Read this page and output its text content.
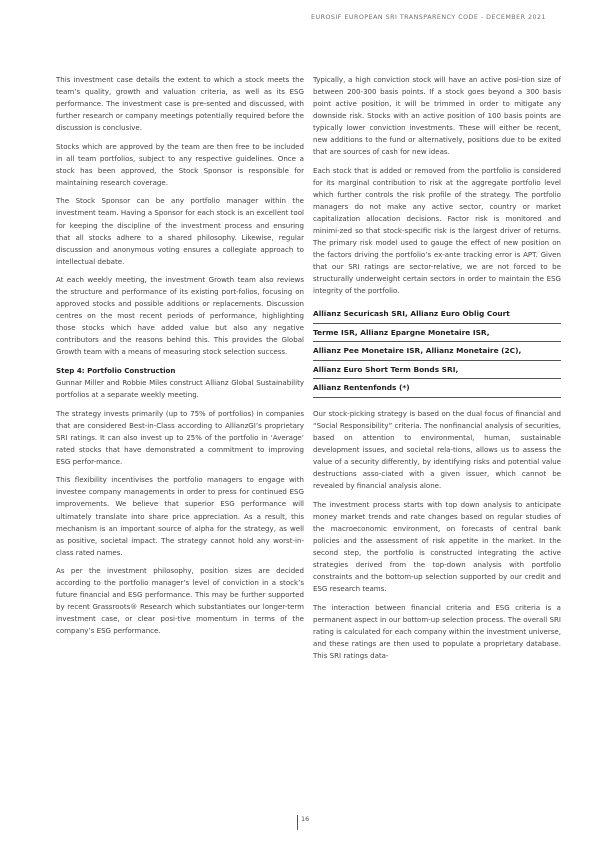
EUROSIF EUROPEAN SRI TRANSPARENCY CODE - DECEMBER 2021

This investment case details the extent to which a stock meets the team’s quality, growth and valuation criteria, as well as its ESG performance. The investment case is pre-sented and discussed, with further research or company meetings potentially required before the discussion is conclusive.

Stocks which are approved by the team are then free to be included in all team portfolios, subject to any respective guidelines. Once a stock has been approved, the Stock Sponsor is responsible for maintaining research coverage.

The Stock Sponsor can be any portfolio manager within the investment team. Having a Sponsor for each stock is an excellent tool for keeping the discipline of the investment process and ensuring that all stocks adhere to a shared philosophy. Likewise, regular discussion and anonymous voting ensures a collegiate approach to intellectual debate.

At each weekly meeting, the investment Growth team also reviews the structure and performance of its existing port-folios, focusing on approved stocks and possible additions or replacements. Discussion centres on the most recent periods of performance, highlighting those stocks which have added value but also any negative contributors and the reasons behind this. This provides the Global Growth team with a means of measuring stock selection success.

Step 4: Portfolio Construction

Gunnar Miller and Robbie Miles construct Allianz Global Sustainability portfolios at a separate weekly meeting.

The strategy invests primarily (up to 75% of portfolios) in companies that are considered Best-in-Class according to AllianzGI’s proprietary SRI ratings. It can also invest up to 25% of the portfolio in ‘Average’ rated stocks that have demonstrated a commitment to improving ESG perfor-mance.

This flexibility incentivises the portfolio managers to engage with investee company managements in order to press for continued ESG improvements. We believe that superior ESG performance will ultimately translate into share price appreciation. As a result, this mechanism is an important source of alpha for the strategy, as well as positive, societal impact. The strategy cannot hold any worst-in-class rated names.

As per the investment philosophy, position sizes are decided according to the portfolio manager’s level of conviction in a stock’s future financial and ESG performance. This may be further supported by recent Grassroots® Research which substantiates our longer-term investment case, or clear posi-tive momentum in terms of the company’s ESG performance.

Typically, a high conviction stock will have an active posi-tion size of between 200-300 basis points. If a stock goes beyond a 300 basis point active position, it will be trimmed in order to mitigate any downside risk. Stocks with an active position of 100 basis points are typically lower conviction investments. These will either be recent, new additions to the fund or alternatively, positions due to be exited that are sources of cash for new ideas.

Each stock that is added or removed from the portfolio is considered for its marginal contribution to risk at the aggregate portfolio level which further controls the risk profile of the strategy. The portfolio managers do not make any active sector, country or market capitalization allocation decisions. Factor risk is monitored and minimi-zed so that stock-specific risk is the largest driver of returns. The primary risk model used to gauge the effect of new position on the factors driving the portfolio’s ex-ante tracking error is APT. Given that our SRI ratings are sector-relative, we are not forced to be structurally underweight certain sectors in order to maintain the ESG integrity of the portfolio.

Allianz Securicash SRI, Allianz Euro Oblig Court
Terme ISR, Allianz Epargne Monetaire ISR,
Allianz Pee Monetaire ISR, Allianz Monetaire (2C),
Allianz Euro Short Term Bonds SRI,
Allianz Rentenfonds (*)

Our stock-picking strategy is based on the dual focus of financial and “Social Responsibility” criteria. The nonfinancial analysis of securities, based on attention to environmental, human, sustainable development issues, and societal rela-tions, allows us to assess the value of a security differently, by identifying risks and potential value destructions asso-ciated with a given issuer, which cannot be revealed by financial analysis alone.

The investment process starts with top down analysis to anticipate money market trends and rate changes based on regular studies of the macroeconomic environment, on forecasts of central bank policies and the assessment of risk appetite in the market. In the second step, the portfolio is constructed integrating the active strategies derived from the top-down analysis with portfolio constraints and the bottom-up selection supported by our credit and ESG research teams.

The interaction between financial criteria and ESG criteria is a permanent aspect in our bottom-up selection process. The overall SRI rating is calculated for each company within the investment universe, and these ratings are then used to populate a proprietary database. This SRI ratings data-

16
